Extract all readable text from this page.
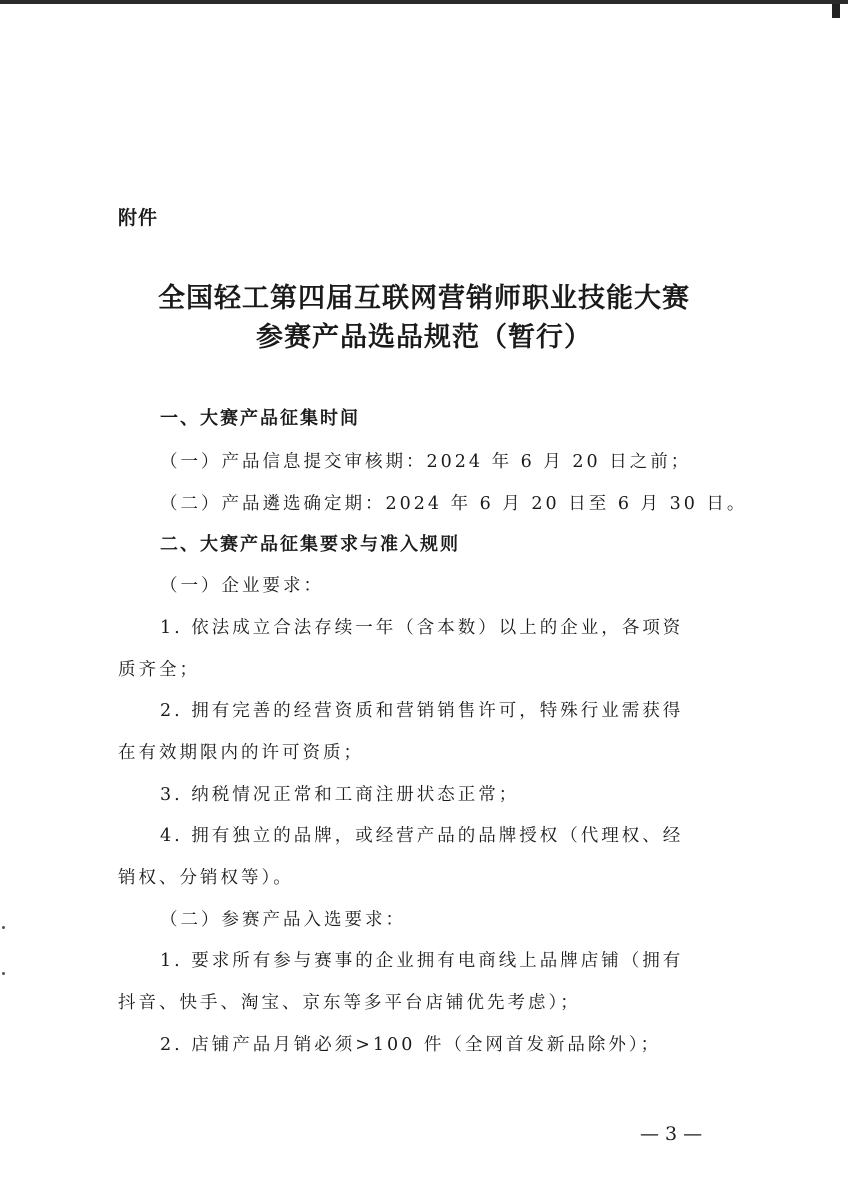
附件
全国轻工第四届互联网营销师职业技能大赛
参赛产品选品规范（暂行）
一、大赛产品征集时间
（一）产品信息提交审核期：2024 年 6 月 20 日之前；
（二）产品遴选确定期：2024 年 6 月 20 日至 6 月 30 日。
二、大赛产品征集要求与准入规则
（一）企业要求：
1. 依法成立合法存续一年（含本数）以上的企业，各项资
质齐全；
2. 拥有完善的经营资质和营销销售许可，特殊行业需获得
在有效期限内的许可资质；
3. 纳税情况正常和工商注册状态正常；
4. 拥有独立的品牌，或经营产品的品牌授权（代理权、经
销权、分销权等）。
（二）参赛产品入选要求：
1. 要求所有参与赛事的企业拥有电商线上品牌店铺（拥有
抖音、快手、淘宝、京东等多平台店铺优先考虑）；
2. 店铺产品月销必须>100 件（全网首发新品除外）；
— 3 —
